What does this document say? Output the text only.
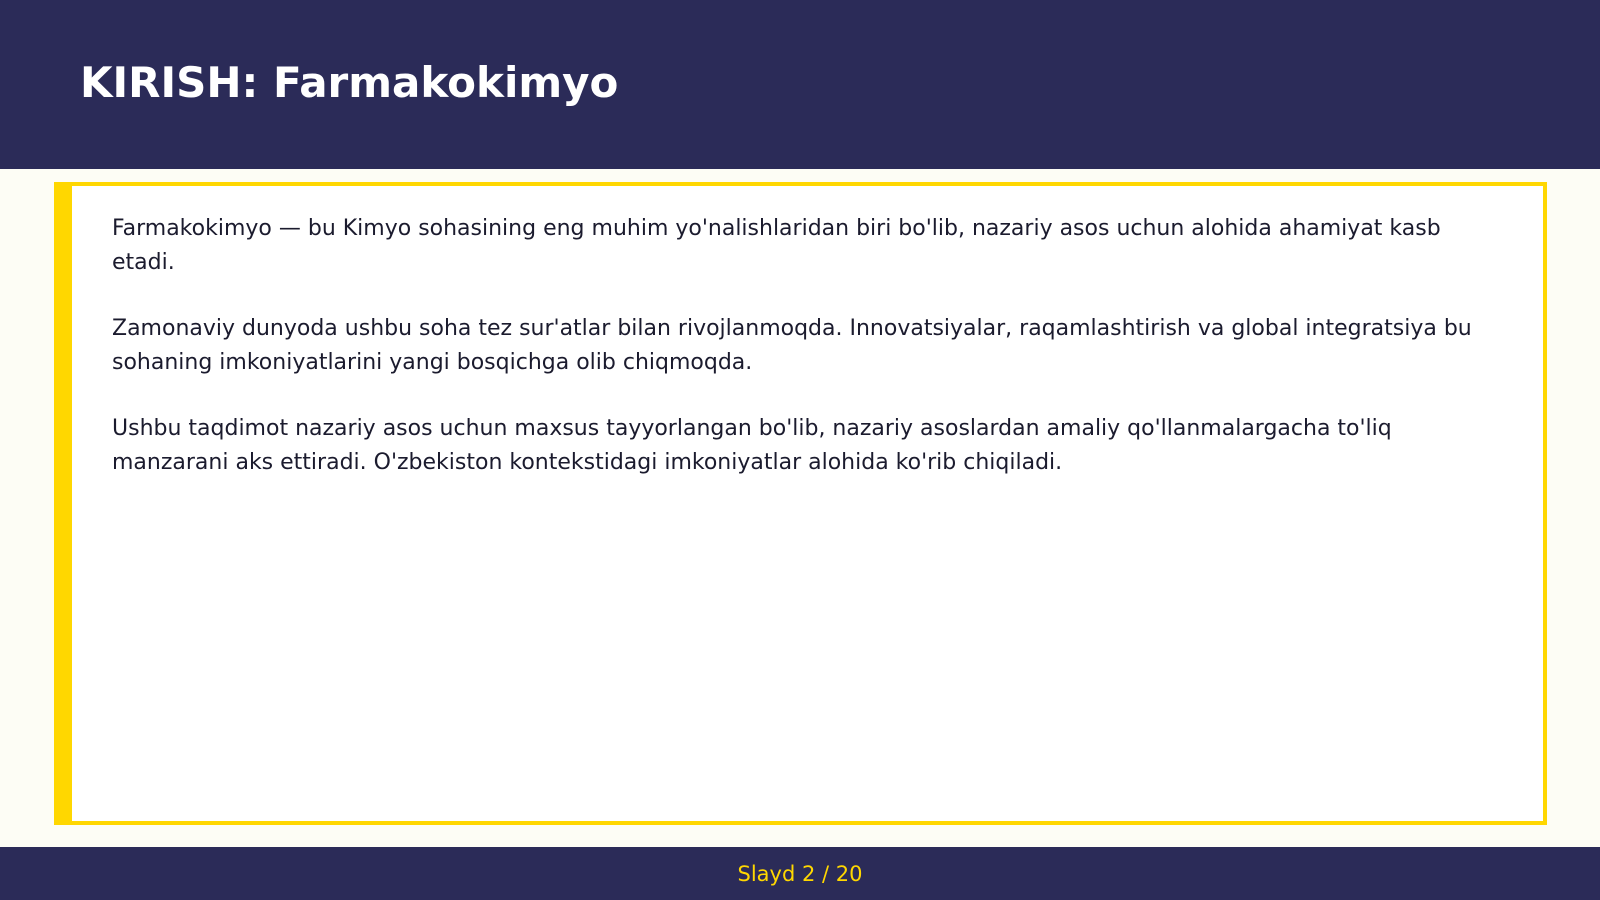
KIRISH: Farmakokimyo

Farmakokimyo — bu Kimyo sohasining eng muhim yo'nalishlaridan biri bo'lib, nazariy asos uchun alohida ahamiyat kasb etadi.

Zamonaviy dunyoda ushbu soha tez sur'atlar bilan rivojlanmoqda. Innovatsiyalar, raqamlashtirish va global integratsiya bu sohaning imkoniyatlarini yangi bosqichga olib chiqmoqda.

Ushbu taqdimot nazariy asos uchun maxsus tayyorlangan bo'lib, nazariy asoslardan amaliy qo'llanmalargacha to'liq manzarani aks ettiradi. O'zbekiston kontekstidagi imkoniyatlar alohida ko'rib chiqiladi.

Slayd 2 / 20
